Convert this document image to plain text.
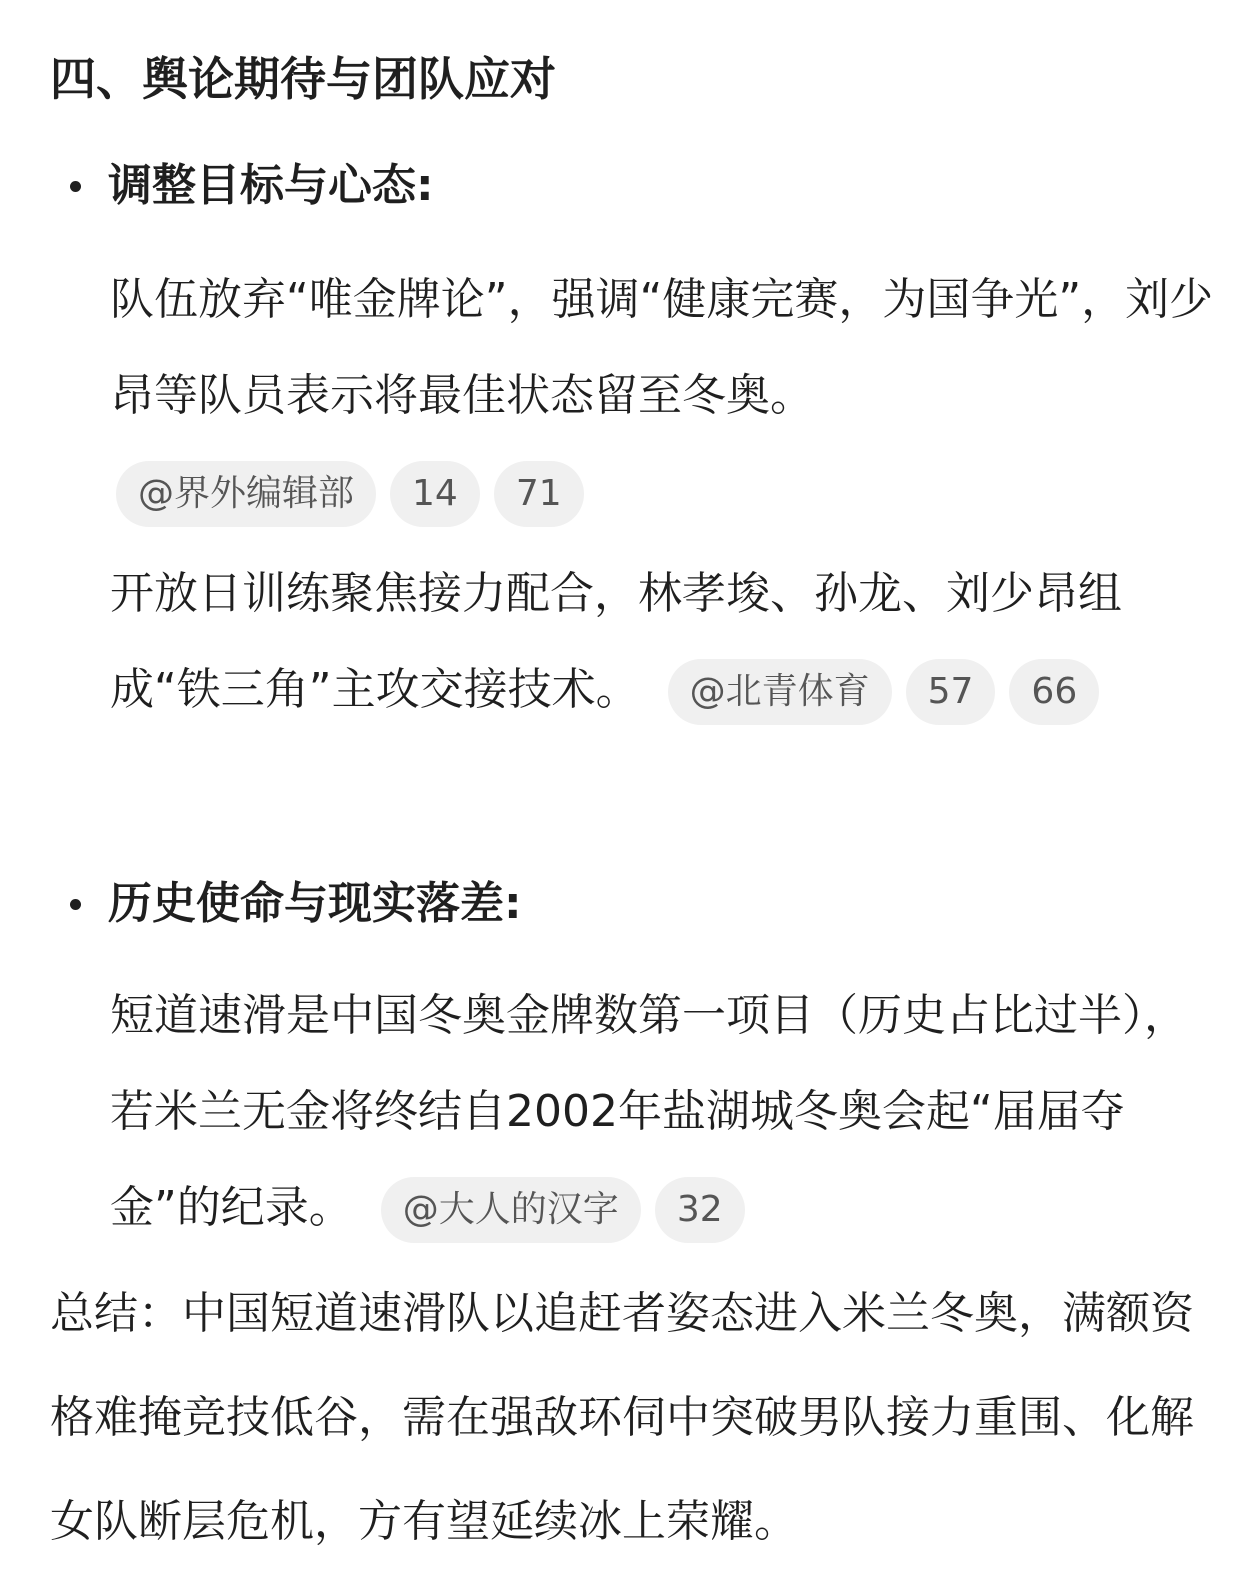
四、舆论期待与团队应对
调整目标与心态:

队伍放弃“唯金牌论”，强调“健康完赛，为国争光”，刘少昂等队员表示将最佳状态留至冬奥。
@界外编辑部 14 71

开放日训练聚焦接力配合，林孝埈、孙龙、刘少昂组成“铁三角”主攻交接技术。 @北青体育 57 66

历史使命与现实落差:

短道速滑是中国冬奥金牌数第一项目（历史占比过半），若米兰无金将终结自2002年盐湖城冬奥会起“届届夺金”的纪录。 @大人的汉字 32

总结：中国短道速滑队以追赶者姿态进入米兰冬奥，满额资格难掩竞技低谷，需在强敌环伺中突破男队接力重围、化解女队断层危机，方有望延续冰上荣耀。
